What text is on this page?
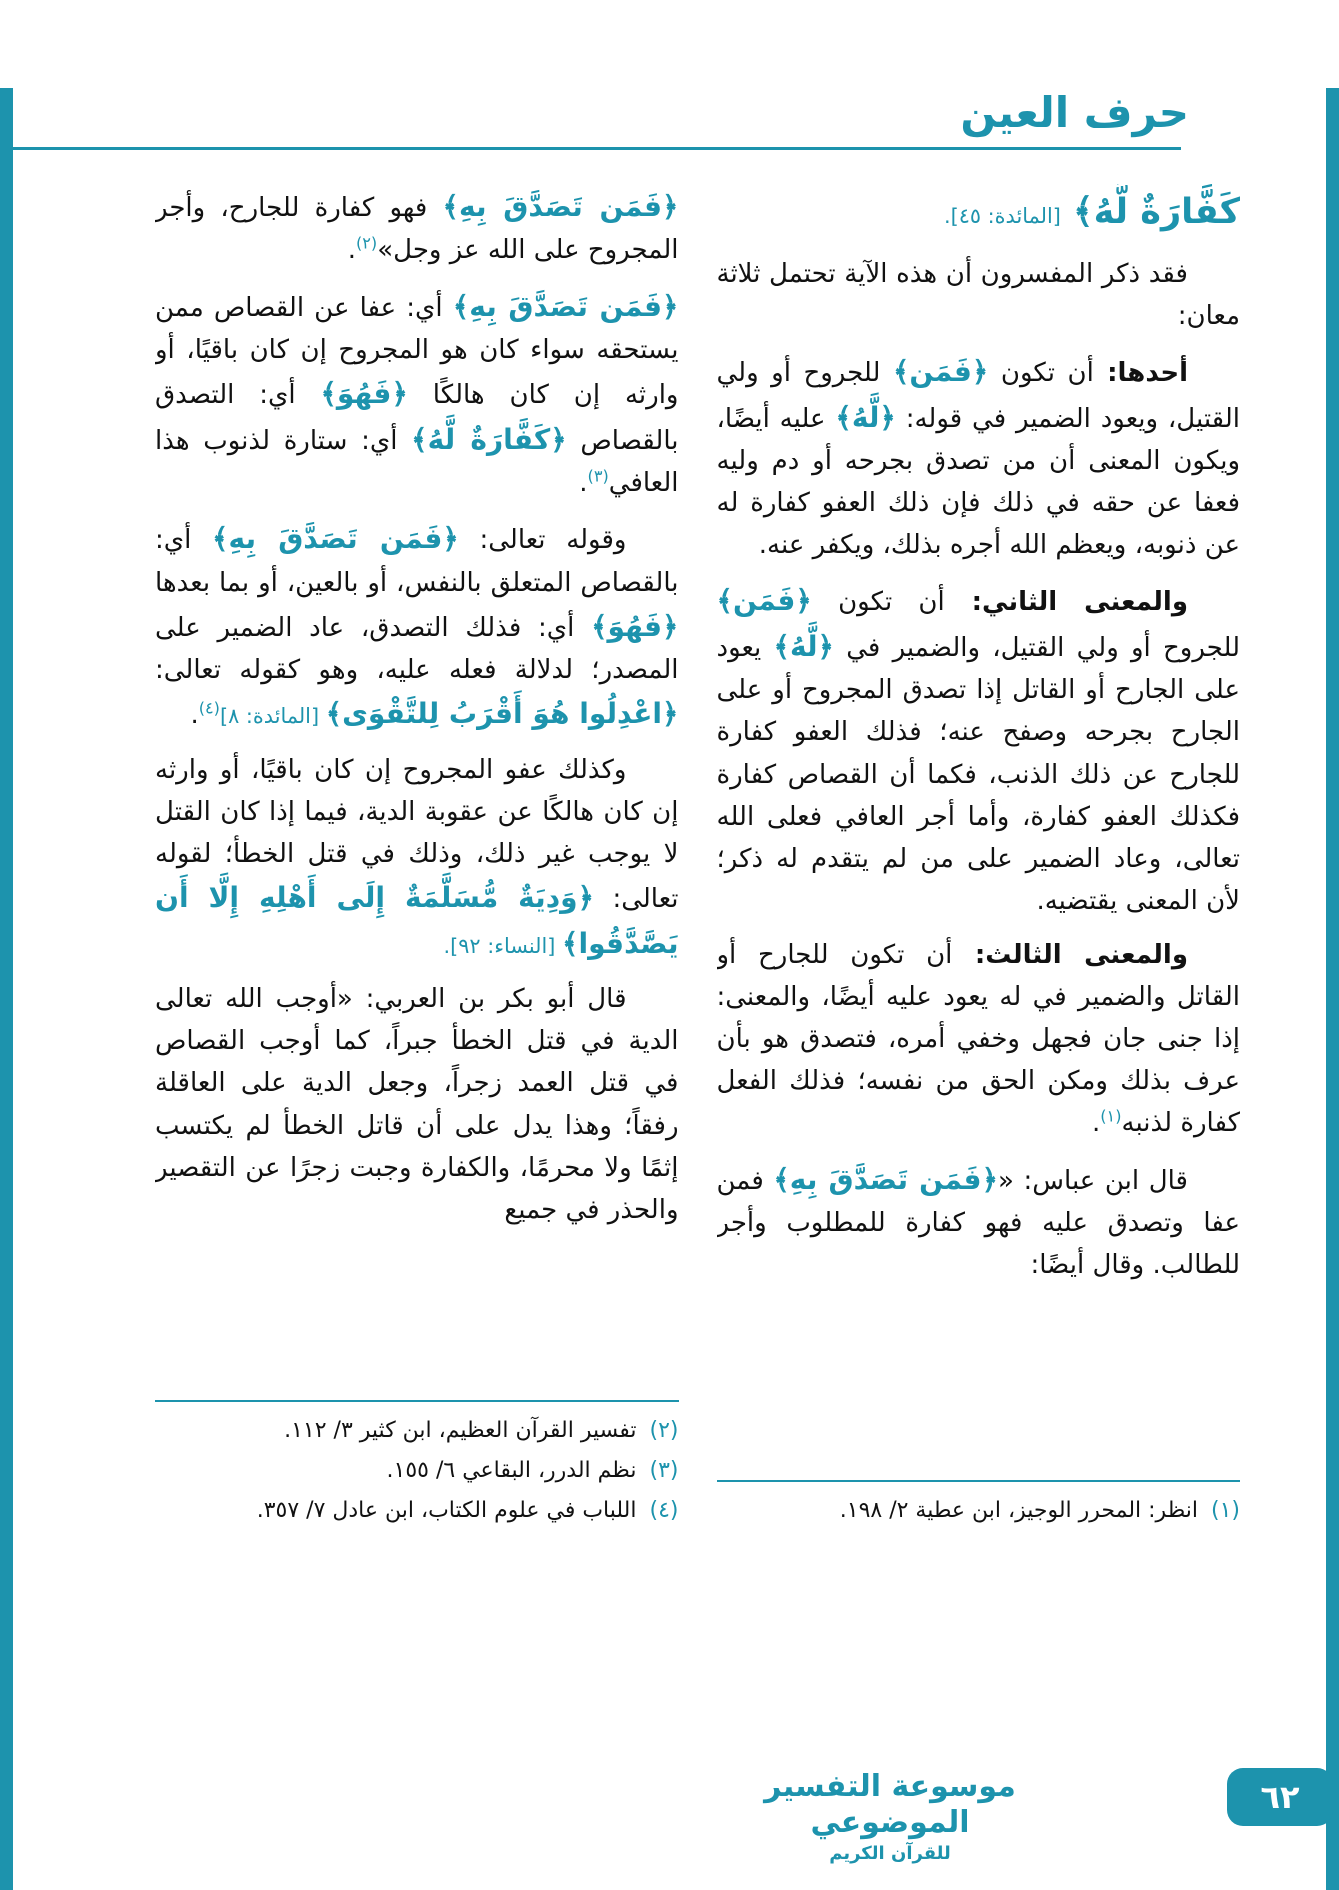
حرف العين

كَفَّارَةٌ لَّهُ﴾ [المائدة: ٤٥].

فقد ذكر المفسرون أن هذه الآية تحتمل ثلاثة معان:

أحدها: أن تكون ﴿فَمَن﴾ للجروح أو ولي القتيل، ويعود الضمير في قوله: ﴿لَّهُ﴾ عليه أيضًا، ويكون المعنى أن من تصدق بجرحه أو دم وليه فعفا عن حقه في ذلك فإن ذلك العفو كفارة له عن ذنوبه، ويعظم الله أجره بذلك، ويكفر عنه.

والمعنى الثاني: أن تكون ﴿فَمَن﴾ للجروح أو ولي القتيل، والضمير في ﴿لَّهُ﴾ يعود على الجارح أو القاتل إذا تصدق المجروح أو على الجارح بجرحه وصفح عنه؛ فذلك العفو كفارة للجارح عن ذلك الذنب، فكما أن القصاص كفارة فكذلك العفو كفارة، وأما أجر العافي فعلى الله تعالى، وعاد الضمير على من لم يتقدم له ذكر؛ لأن المعنى يقتضيه.

والمعنى الثالث: أن تكون للجارح أو القاتل والضمير في له يعود عليه أيضًا، والمعنى: إذا جنى جان فجهل وخفي أمره، فتصدق هو بأن عرف بذلك ومكن الحق من نفسه؛ فذلك الفعل كفارة لذنبه$^{(١)}$.

قال ابن عباس: «﴿فَمَن تَصَدَّقَ بِهِ﴾ فمن عفا وتصدق عليه فهو كفارة للمطلوب وأجر للطالب. وقال أيضًا:

(١) انظر: المحرر الوجيز، ابن عطية ٢/ ١٩٨.

﴿فَمَن تَصَدَّقَ بِهِ﴾ فهو كفارة للجارح، وأجر المجروح على الله عز وجل»$^{(٢)}$.

﴿فَمَن تَصَدَّقَ بِهِ﴾ أي: عفا عن القصاص ممن يستحقه سواء كان هو المجروح إن كان باقيًا، أو وارثه إن كان هالكًا ﴿فَهُوَ﴾ أي: التصدق بالقصاص ﴿كَفَّارَةٌ لَّهُ﴾ أي: ستارة لذنوب هذا العافي$^{(٣)}$.

وقوله تعالى: ﴿فَمَن تَصَدَّقَ بِهِ﴾ أي: بالقصاص المتعلق بالنفس، أو بالعين، أو بما بعدها ﴿فَهُوَ﴾ أي: فذلك التصدق، عاد الضمير على المصدر؛ لدلالة فعله عليه، وهو كقوله تعالى: ﴿اعْدِلُوا هُوَ أَقْرَبُ لِلتَّقْوَى﴾ [المائدة: ٨]$^{(٤)}$.

وكذلك عفو المجروح إن كان باقيًا، أو وارثه إن كان هالكًا عن عقوبة الدية، فيما إذا كان القتل لا يوجب غير ذلك، وذلك في قتل الخطأ؛ لقوله تعالى: ﴿وَدِيَةٌ مُّسَلَّمَةٌ إِلَى أَهْلِهِ إِلَّا أَن يَصَّدَّقُوا﴾ [النساء: ٩٢].

قال أبو بكر بن العربي: «أوجب الله تعالى الدية في قتل الخطأ جبراً، كما أوجب القصاص في قتل العمد زجراً، وجعل الدية على العاقلة رفقاً؛ وهذا يدل على أن قاتل الخطأ لم يكتسب إثمًا ولا محرمًا، والكفارة وجبت زجرًا عن التقصير والحذر في جميع

(٢) تفسير القرآن العظيم، ابن كثير ٣/ ١١٢.

(٣) نظم الدرر، البقاعي ٦/ ١٥٥.

(٤) اللباب في علوم الكتاب، ابن عادل ٧/ ٣٥٧.

موسوعة التفسير الموضوعي
للقرآن الكريم
٦٢
